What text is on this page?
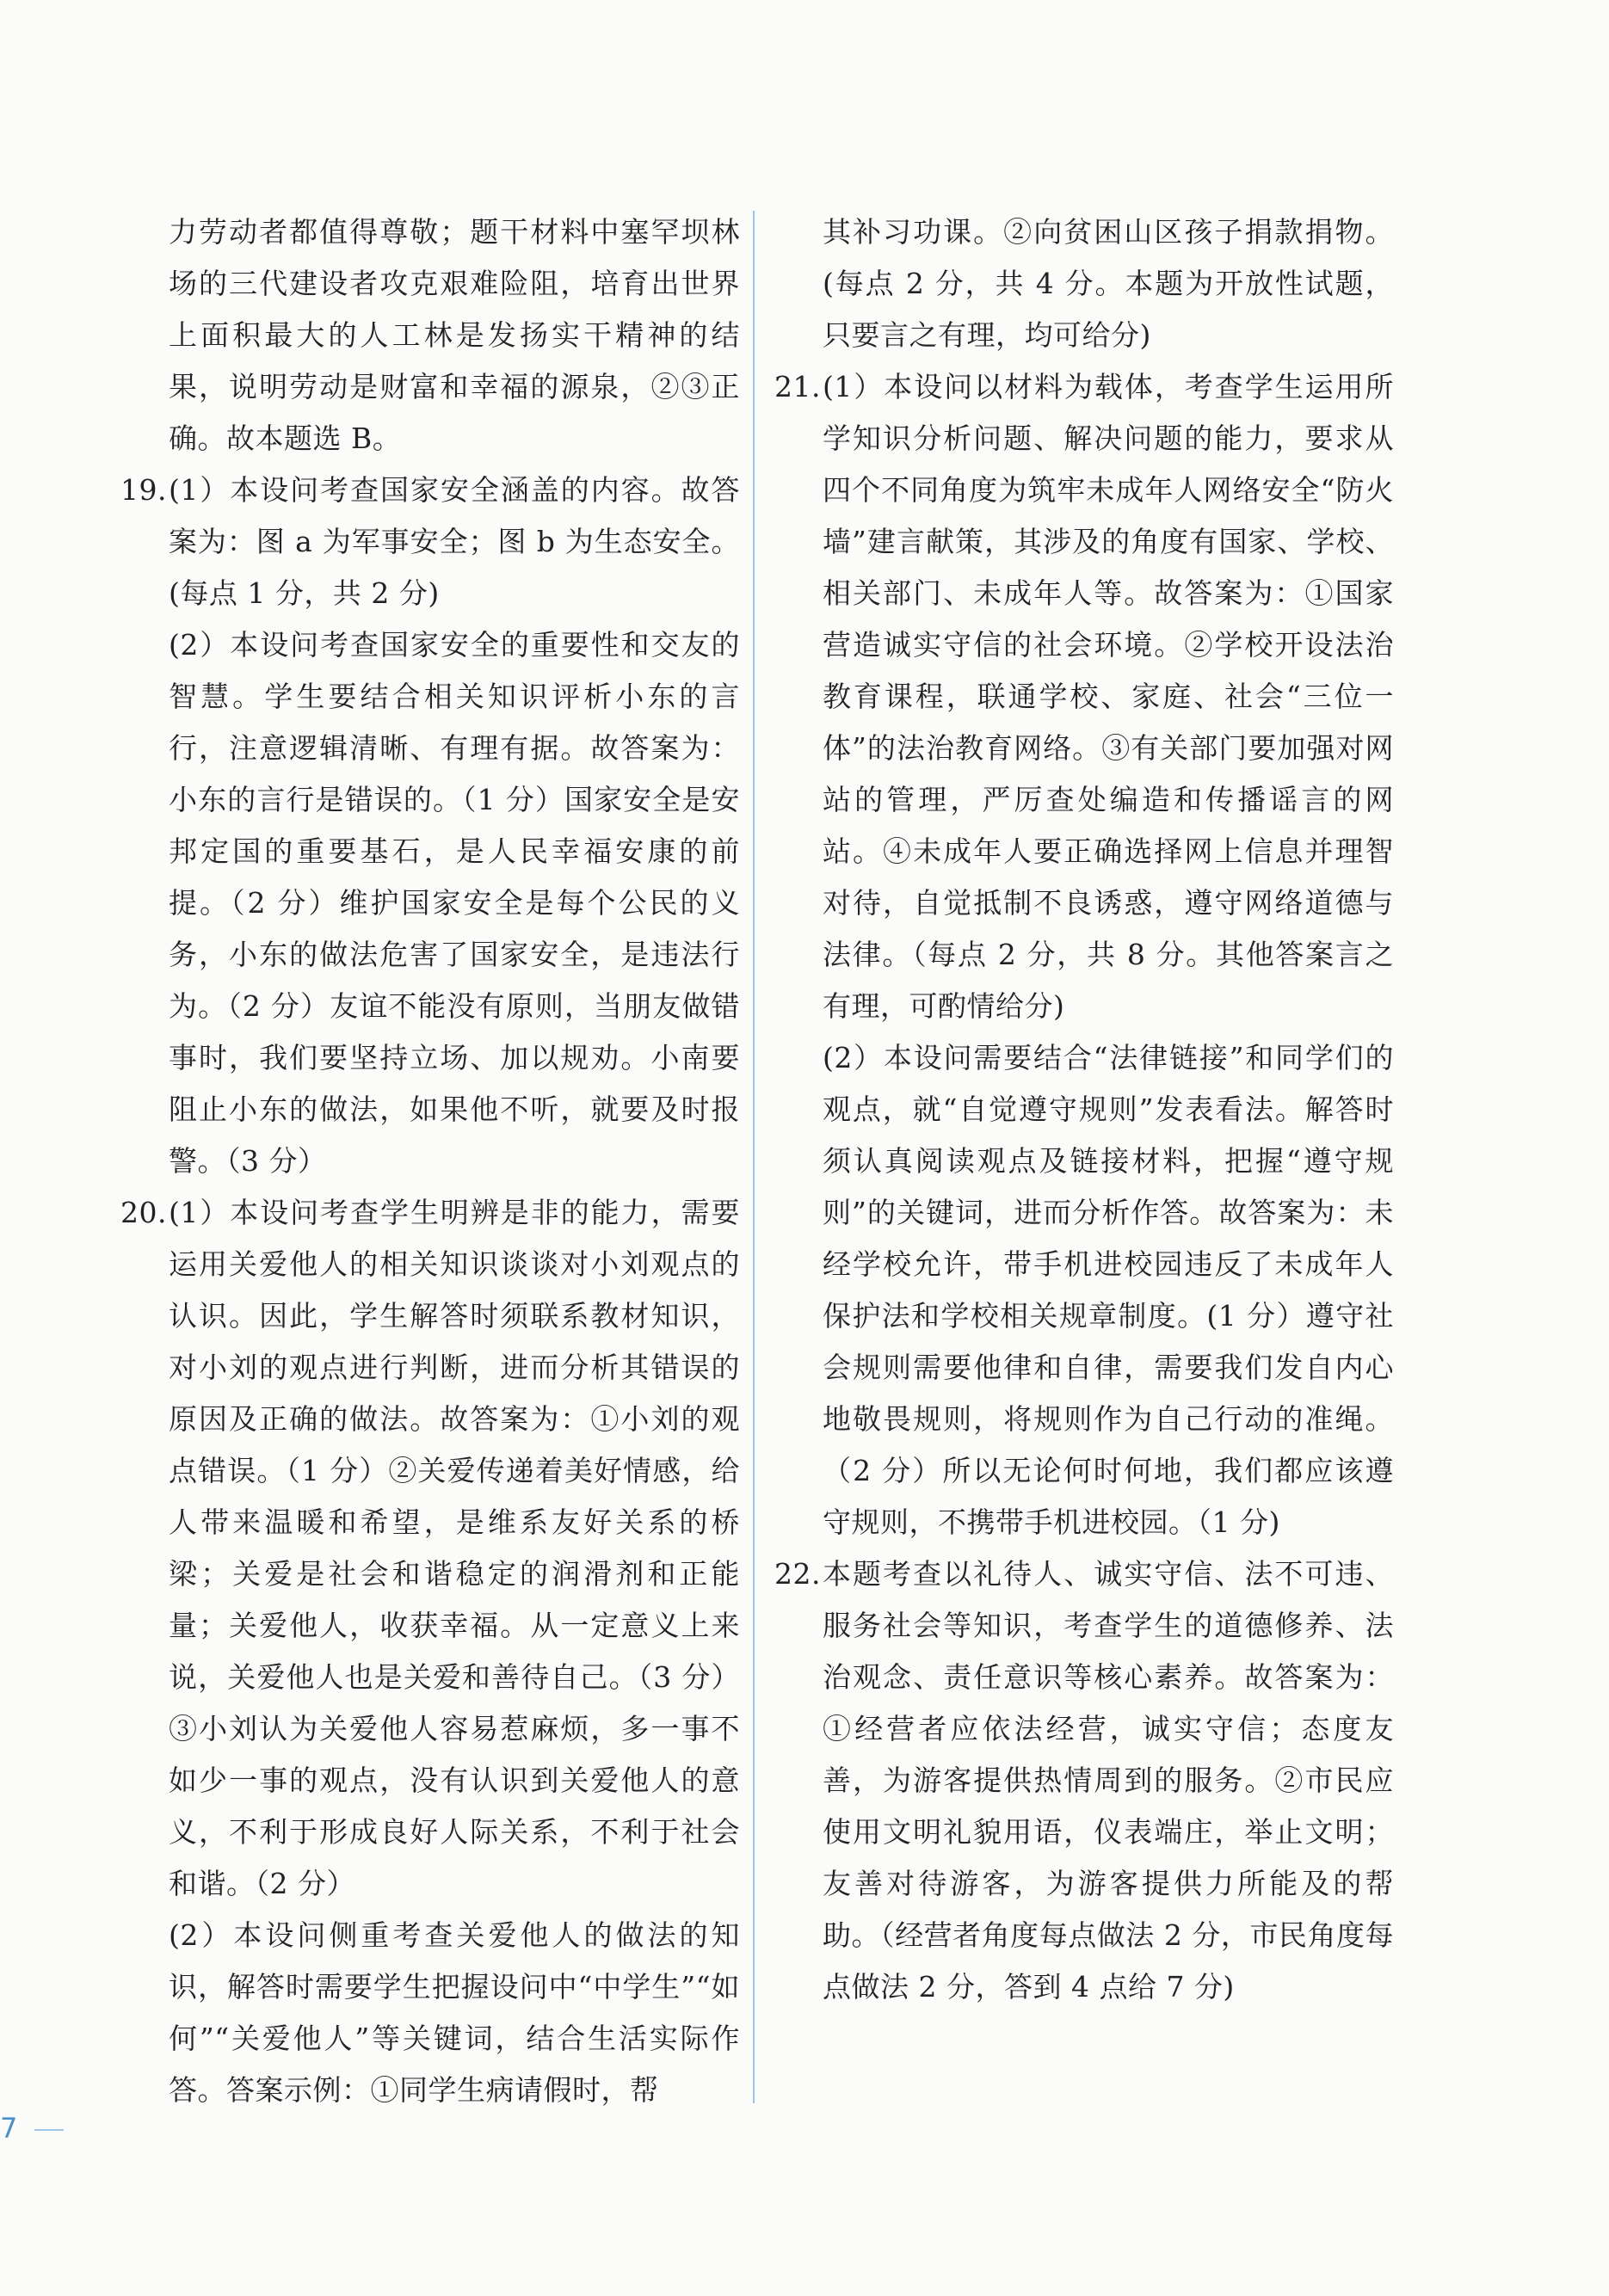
力劳动者都值得尊敬；题干材料中塞罕坝林场的三代建设者攻克艰难险阻，培育出世界上面积最大的人工林是发扬实干精神的结果，说明劳动是财富和幸福的源泉，②③正确。故本题选 B。
19. (1）本设问考查国家安全涵盖的内容。故答案为：图 a 为军事安全；图 b 为生态安全。(每点 1 分，共 2 分)
(2）本设问考查国家安全的重要性和交友的智慧。学生要结合相关知识评析小东的言行，注意逻辑清晰、有理有据。故答案为：小东的言行是错误的。（1 分）国家安全是安邦定国的重要基石，是人民幸福安康的前提。（2 分）维护国家安全是每个公民的义务，小东的做法危害了国家安全，是违法行为。（2 分）友谊不能没有原则，当朋友做错事时，我们要坚持立场、加以规劝。小南要阻止小东的做法，如果他不听，就要及时报警。（3 分）
20. (1）本设问考查学生明辨是非的能力，需要运用关爱他人的相关知识谈谈对小刘观点的认识。因此，学生解答时须联系教材知识，对小刘的观点进行判断，进而分析其错误的原因及正确的做法。故答案为：①小刘的观点错误。（1 分）②关爱传递着美好情感，给人带来温暖和希望，是维系友好关系的桥梁；关爱是社会和谐稳定的润滑剂和正能量；关爱他人，收获幸福。从一定意义上来说，关爱他人也是关爱和善待自己。（3 分）③小刘认为关爱他人容易惹麻烦，多一事不如少一事的观点，没有认识到关爱他人的意义，不利于形成良好人际关系，不利于社会和谐。（2 分）
(2）本设问侧重考查关爱他人的做法的知识，解答时需要学生把握设问中“中学生”“如何”“关爱他人”等关键词，结合生活实际作答。答案示例：①同学生病请假时，帮
其补习功课。②向贫困山区孩子捐款捐物。(每点 2 分，共 4 分。本题为开放性试题，只要言之有理，均可给分)
21. (1）本设问以材料为载体，考查学生运用所学知识分析问题、解决问题的能力，要求从四个不同角度为筑牢未成年人网络安全“防火墙”建言献策，其涉及的角度有国家、学校、相关部门、未成年人等。故答案为：①国家营造诚实守信的社会环境。②学校开设法治教育课程，联通学校、家庭、社会“三位一体”的法治教育网络。③有关部门要加强对网站的管理，严厉查处编造和传播谣言的网站。④未成年人要正确选择网上信息并理智对待，自觉抵制不良诱惑，遵守网络道德与法律。（每点 2 分，共 8 分。其他答案言之有理，可酌情给分)
(2）本设问需要结合“法律链接”和同学们的观点，就“自觉遵守规则”发表看法。解答时须认真阅读观点及链接材料，把握“遵守规则”的关键词，进而分析作答。故答案为：未经学校允许，带手机进校园违反了未成年人保护法和学校相关规章制度。(1 分）遵守社会规则需要他律和自律，需要我们发自内心地敬畏规则，将规则作为自己行动的准绳。（2 分）所以无论何时何地，我们都应该遵守规则，不携带手机进校园。（1 分)
22. 本题考查以礼待人、诚实守信、法不可违、服务社会等知识，考查学生的道德修养、法治观念、责任意识等核心素养。故答案为：①经营者应依法经营，诚实守信；态度友善，为游客提供热情周到的服务。②市民应使用文明礼貌用语，仪表端庄，举止文明；友善对待游客，为游客提供力所能及的帮助。（经营者角度每点做法 2 分，市民角度每点做法 2 分，答到 4 点给 7 分)
7
